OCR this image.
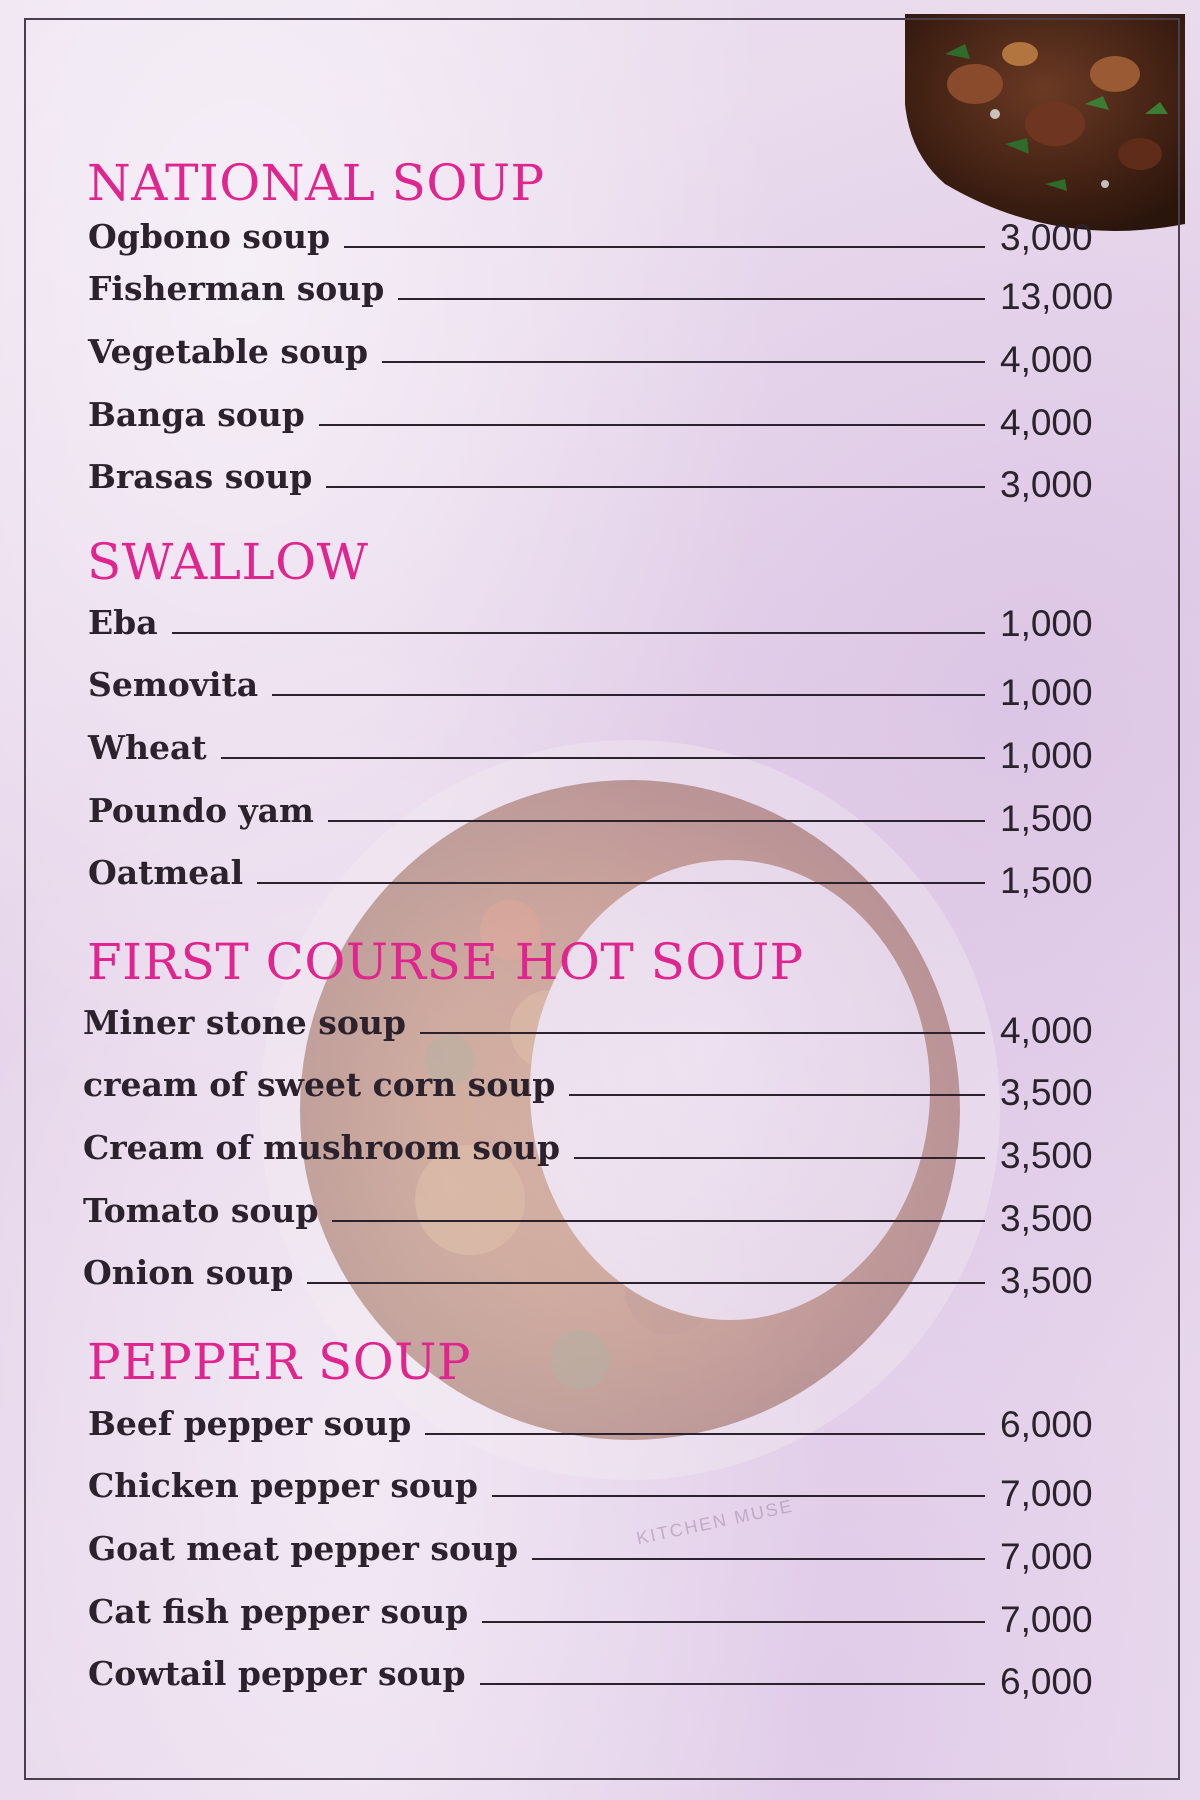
KITCHEN MUSE
NATIONAL SOUP
Ogbono soup	3,000
Fisherman soup	13,000
Vegetable soup	4,000
Banga soup	4,000
Brasas soup	3,000
SWALLOW
Eba	1,000
Semovita	1,000
Wheat	1,000
Poundo yam	1,500
Oatmeal	1,500
FIRST COURSE HOT SOUP
Miner stone soup	4,000
cream of sweet corn soup	3,500
Cream of mushroom soup	3,500
Tomato soup	3,500
Onion soup	3,500
PEPPER SOUP
Beef pepper soup	6,000
Chicken pepper soup	7,000
Goat meat pepper soup	7,000
Cat fish pepper soup	7,000
Cowtail pepper soup	6,000
